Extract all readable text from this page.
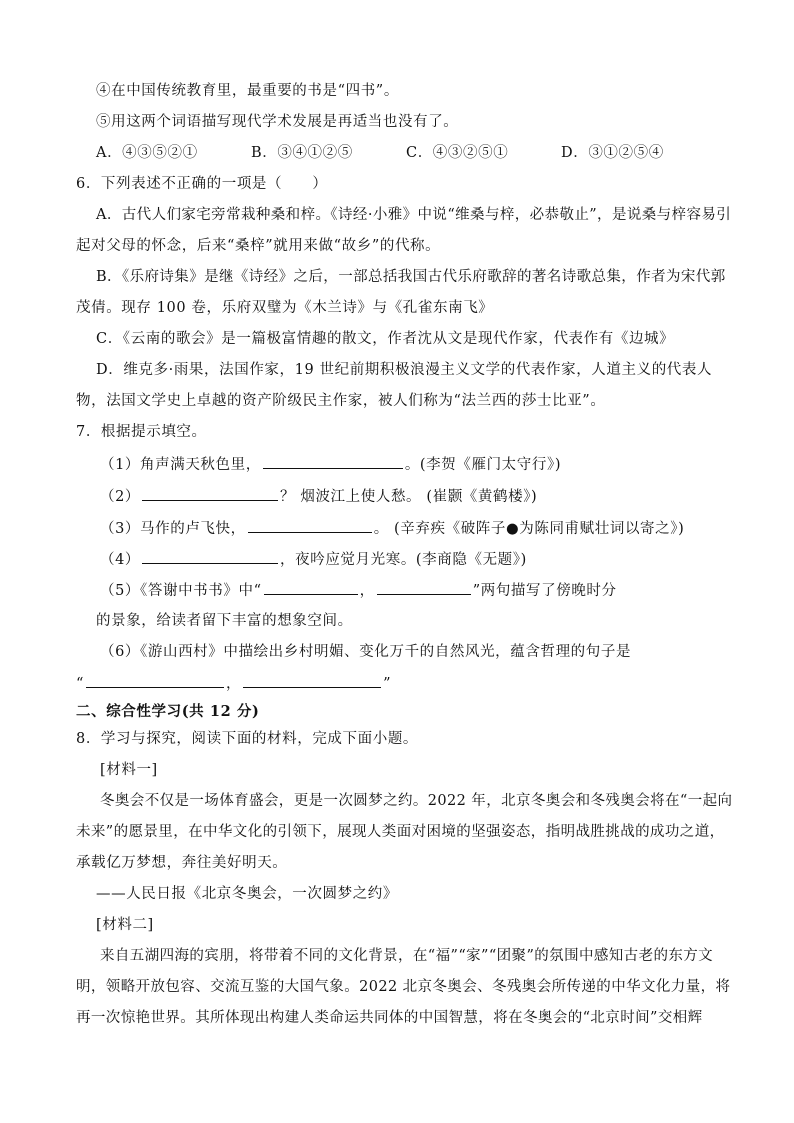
④在中国传统教育里，最重要的书是“四书”。
⑤用这两个词语描写现代学术发展是再适当也没有了。
A．④③⑤②①	B．③④①②⑤	C．④③②⑤①	D．③①②⑤④
6．下列表述不正确的一项是（　　）
A．古代人们家宅旁常栽种桑和梓。《诗经·小雅》中说“维桑与梓，必恭敬止”，是说桑与梓容易引
起对父母的怀念，后来“桑梓”就用来做“故乡”的代称。
B．《乐府诗集》是继《诗经》之后，一部总括我国古代乐府歌辞的著名诗歌总集，作者为宋代郭
茂倩。现存 100 卷，乐府双璧为《木兰诗》与《孔雀东南飞》
C．《云南的歌会》是一篇极富情趣的散文，作者沈从文是现代作家，代表作有《边城》
D．维克多·雨果，法国作家，19 世纪前期积极浪漫主义文学的代表作家，人道主义的代表人
物，法国文学史上卓越的资产阶级民主作家，被人们称为“法兰西的莎士比亚”。
7．根据提示填空。
（1）角声满天秋色里，	。(李贺《雁门太守行》)
（2）	？ 烟波江上使人愁。 (崔颢《黄鹤楼》)
（3）马作的卢飞快，	。 (辛弃疾《破阵子●为陈同甫赋壮词以寄之》)
（4）	，夜吟应觉月光寒。(李商隐《无题》)
（5）《答谢中书书》中“	，	”两句描写了傍晚时分
的景象，给读者留下丰富的想象空间。
（6）《游山西村》中描绘出乡村明媚、变化万千的自然风光，蕴含哲理的句子是
“	，	”
二、综合性学习(共 12 分)
8．学习与探究，阅读下面的材料，完成下面小题。
[材料一]
冬奥会不仅是一场体育盛会，更是一次圆梦之约。2022 年，北京冬奥会和冬残奥会将在“一起向
未来”的愿景里，在中华文化的引领下，展现人类面对困境的坚强姿态，指明战胜挑战的成功之道，
承载亿万梦想，奔往美好明天。
——人民日报《北京冬奥会，一次圆梦之约》
[材料二]
来自五湖四海的宾朋，将带着不同的文化背景，在“福”“家”“团聚”的氛围中感知古老的东方文
明，领略开放包容、交流互鉴的大国气象。2022 北京冬奥会、冬残奥会所传递的中华文化力量，将
再一次惊艳世界。其所体现出构建人类命运共同体的中国智慧，将在冬奥会的“北京时间”交相辉
